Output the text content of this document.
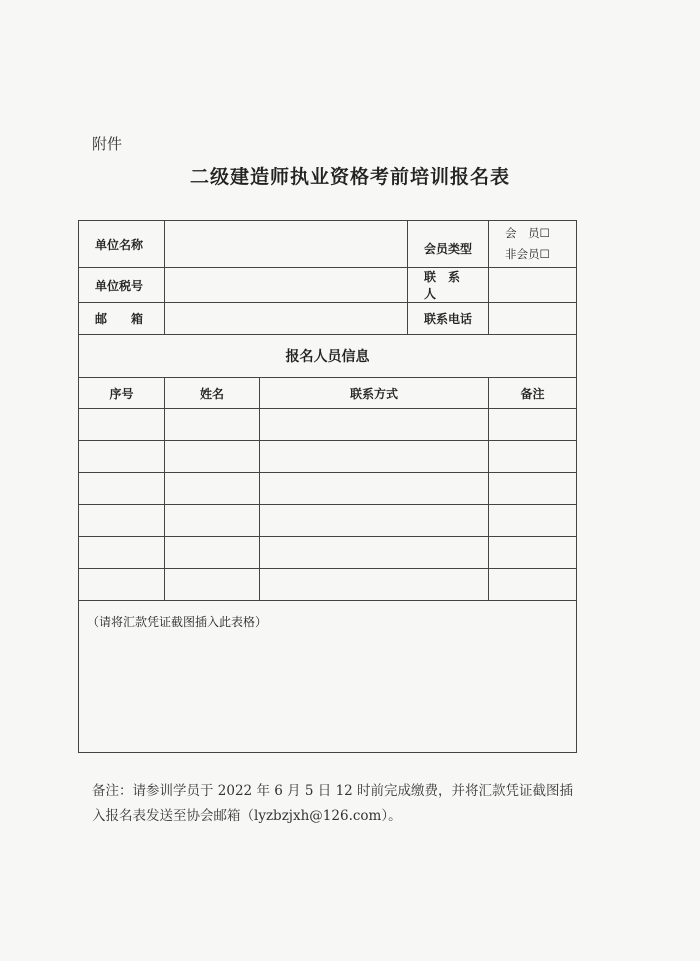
附件
二级建造师执业资格考前培训报名表
单位名称			会员类型	会　员☐
非会员☐

单位税号			联　系　人	
邮　　箱			联系电话	
报名人员信息				
序号	姓名	联系方式		备注

（请将汇款凭证截图插入此表格）				
备注：请参训学员于 2022 年 6 月 5 日 12 时前完成缴费，并将汇款凭证截图插入报名表发送至协会邮箱（lyzbzjxh@126.com）。
